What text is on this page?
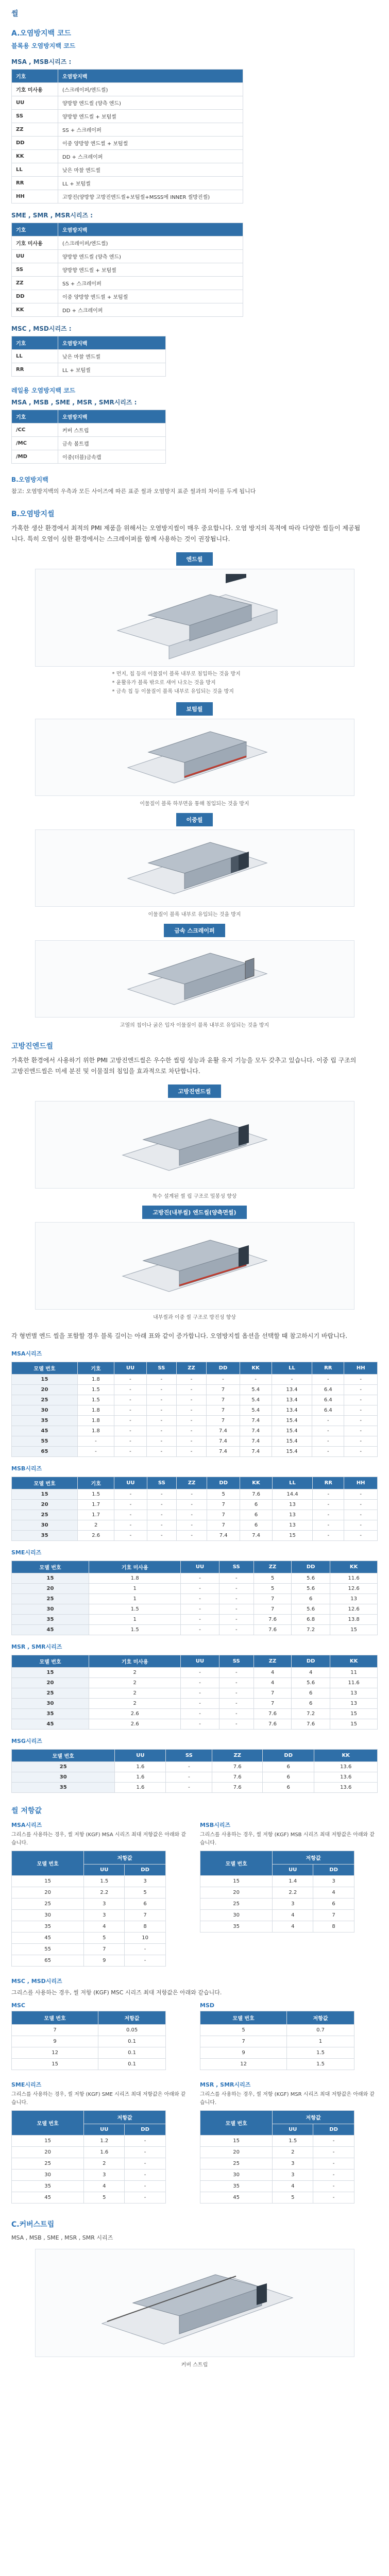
씰
A.오염방지백 코드
블록용 오염방지백 코드
MSA , MSB시리즈 :
기호	오염방지백
기호 미사용	(스크레이퍼/엔드씰)
UU	양방향 엔드씰 (양측 엔드)
SS	양방향 엔드씰 + 보텀씰
ZZ	SS + 스크레이퍼
DD	이중 양방향 엔드씰 + 보텀씰
KK	DD + 스크레이퍼
LL	낮은 마찰 엔드씰
RR	LL + 보텀씰
HH	고방진(양방향 고방진엔드씰+보텀씰+MSSS에 INNER 씰방진씰)
SME , SMR , MSR시리즈 :
기호	오염방지백
기호 미사용	(스크레이퍼/엔드씰)
UU	양방향 엔드씰 (양측 엔드)
SS	양방향 엔드씰 + 보텀씰
ZZ	SS + 스크레이퍼
DD	이중 양방향 엔드씰 + 보텀씰
KK	DD + 스크레이퍼
MSC , MSD시리즈 :
기호	오염방지백
LL	낮은 마찰 엔드씰
RR	LL + 보텀씰
레일용 오염방지백 코드
MSA , MSB , SME , MSR , SMR시리즈 :
기호	오염방지백
/CC	커버 스트립
/MC	금속 볼트캡
/MD	이중(더블)금속캡
B.오염방지백
참고: 오염방지백의 우측과 모든 사이즈에 따른 표준 씰과 오염방지 표준 씰과의 차이를 두게 됩니다
B.오염방지씰
가혹한 생산 환경에서 최적의 PMI 제품을 위해서는 오염방지씰이 매우 중요합니다. 오염 방지의 목적에 따라 다양한 씰들이 제공됩니다. 특히 오염이 심한 환경에서는 스크레이퍼를 함께 사용하는 것이 권장됩니다.
엔드씰
* 먼지, 칩 등의 이물질이 블록 내부로 침입하는 것을 방지
* 윤활유가 블록 밖으로 새어 나오는 것을 방지
* 금속 칩 등 이물질이 블록 내부로 유입되는 것을 방지
보텀씰
이물질이 블록 하부면을 통해 침입되는 것을 방지
이중씰
이물질이 블록 내부로 유입되는 것을 방지
금속 스크레이퍼
고열의 칩이나 굵은 입자 이물질이 블록 내부로 유입되는 것을 방지
고방진엔드씰
가혹한 환경에서 사용하기 위한 PMI 고방진엔드씰은 우수한 씰링 성능과 윤활 유지 기능을 모두 갖추고 있습니다. 이중 립 구조의 고방진엔드씰은 미세 분진 및 이물질의 침입을 효과적으로 차단합니다.
고방진엔드씰
특수 설계된 씰 립 구조로 밀봉성 향상
고방진(내부씰) 엔드씰(양측면씰)
내부씰과 이중 씰 구조로 방진성 향상
각 형번별 엔드 씰을 포함할 경우 블록 길이는 아래 표와 같이 증가합니다. 오염방지씰 옵션을 선택할 때 참고하시기 바랍니다.
MSA시리즈
모델 번호	기호	UU	SS	ZZ	DD	KK	LL	RR	HH
15	1.8	-	-	-	-	-	-	-	-
20	1.5	-	-	-	7	5.4	13.4	6.4	-
25	1.5	-	-	-	7	5.4	13.4	6.4	-
30	1.8	-	-	-	7	5.4	13.4	6.4	-
35	1.8	-	-	-	7	7.4	15.4	-	-
45	1.8	-	-	-	7.4	7.4	15.4	-	-
55	-	-	-	-	7.4	7.4	15.4	-	-
65	-	-	-	-	7.4	7.4	15.4	-	-
MSB시리즈
모델 번호	기호	UU	SS	ZZ	DD	KK	LL	RR	HH
15	1.5	-	-	-	5	7.6	14.4	-	-
20	1.7	-	-	-	7	6	13	-	-
25	1.7	-	-	-	7	6	13	-	-
30	2	-	-	-	7	6	13	-	-
35	2.6	-	-	-	7.4	7.4	15	-	-
SME시리즈
모델 번호	기호 미사용	UU	SS	ZZ	DD	KK
15	1.8	-	-	5	5.6	11.6
20	1	-	-	5	5.6	12.6
25	1	-	-	7	6	13
30	1.5	-	-	7	5.6	12.6
35	1	-	-	7.6	6.8	13.8
45	1.5	-	-	7.6	7.2	15
MSR , SMR시리즈
모델 번호	기호 미사용	UU	SS	ZZ	DD	KK
15	2	-	-	4	4	11
20	2	-	-	4	5.6	11.6
25	2	-	-	7	6	13
30	2	-	-	7	6	13
35	2.6	-	-	7.6	7.2	15
45	2.6	-	-	7.6	7.6	15
MSG시리즈
모델 번호	UU	SS	ZZ	DD	KK
25	1.6	-	7.6	6	13.6
30	1.6	-	7.6	6	13.6
35	1.6	-	7.6	6	13.6
씰 저항값
MSA시리즈

그리스를 사용하는 경우, 씰 저항 (KGF) MSA 시리즈 최대 저항값은 아래와 같습니다.

모델 번호	저항값	
	UU	DD
15	1.5	3
20	2.2	5
25	3	6
30	3	7
35	4	8
45	5	10
55	7	-
65	9	-
MSB시리즈

그리스를 사용하는 경우, 씰 저항 (KGF) MSB 시리즈 최대 저항값은 아래와 같습니다.

모델 번호	저항값	
	UU	DD
15	1.4	3
20	2.2	4
25	3	6
30	4	7
35	4	8
MSC , MSD시리즈

그리스를 사용하는 경우, 씰 저항 (KGF) MSC 시리즈 최대 저항값은 아래와 같습니다.

MSC
모델 번호	저항값
7	0.05
9	0.1
12	0.1
15	0.1
MSD
모델 번호	저항값
5	0.7
7	1
9	1.5
12	1.5
SME시리즈

그리스를 사용하는 경우, 씰 저항 (KGF) SME 시리즈 최대 저항값은 아래와 같습니다.

모델 번호	저항값	
	UU	DD
15	1.2	-
20	1.6	-
25	2	-
30	3	-
35	4	-
45	5	-
MSR , SMR시리즈

그리스를 사용하는 경우, 씰 저항 (KGF) MSR 시리즈 최대 저항값은 아래와 같습니다.

모델 번호	저항값	
	UU	DD
15	1.5	-
20	2	-
25	3	-
30	3	-
35	4	-
45	5	-
C.커버스트립
MSA , MSB , SME , MSR , SMR 시리즈
커버 스트립
